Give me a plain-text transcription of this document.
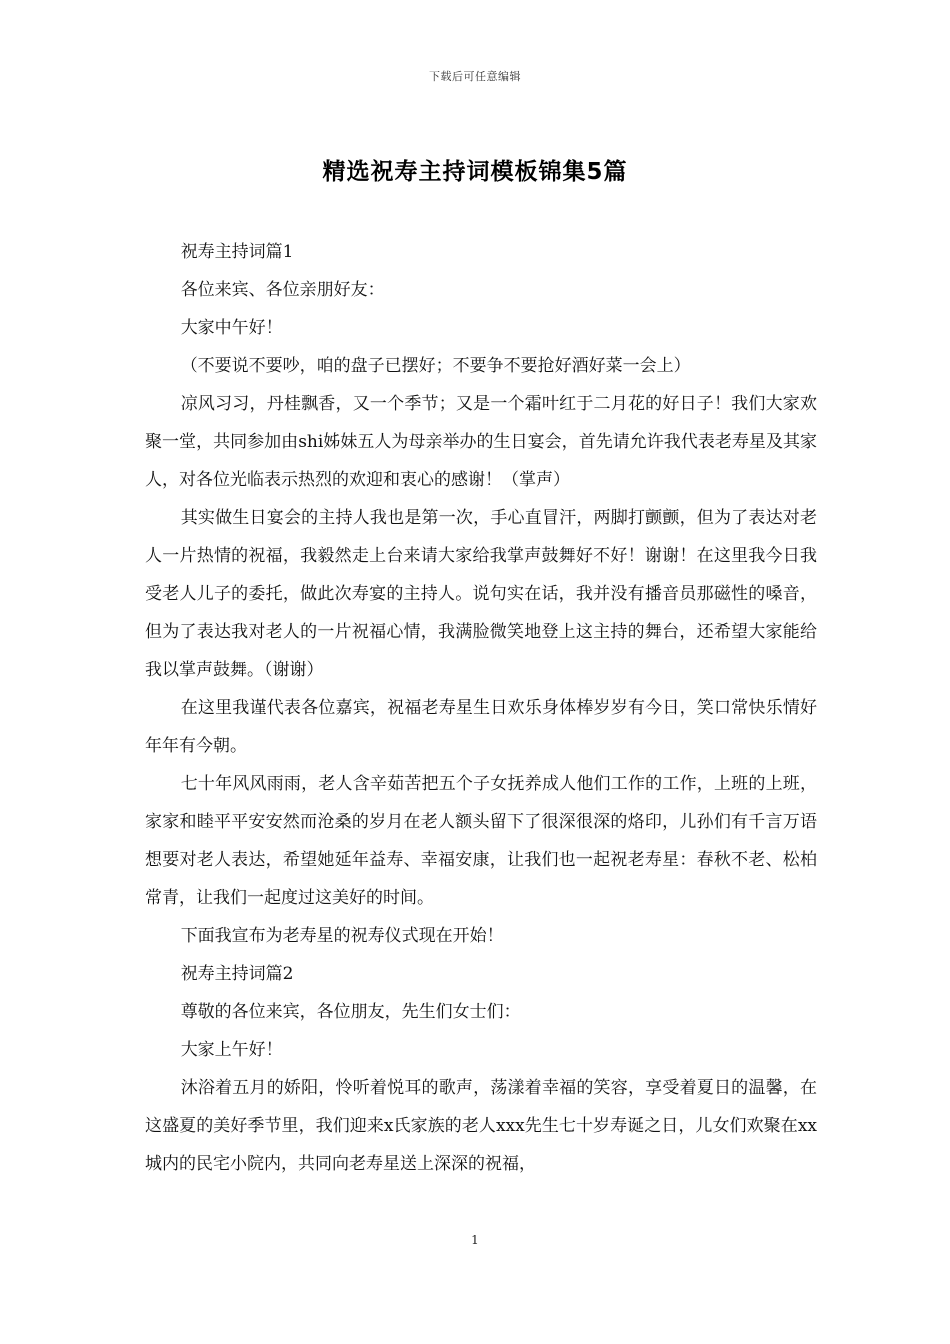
下载后可任意编辑
精选祝寿主持词模板锦集5篇

祝寿主持词篇1

各位来宾、各位亲朋好友：

大家中午好！

（不要说不要吵，咱的盘子已摆好；不要争不要抢好酒好菜一会上）

凉风习习，丹桂飘香，又一个季节；又是一个霜叶红于二月花的好日子！我们大家欢聚一堂，共同参加由shi姊妹五人为母亲举办的生日宴会，首先请允许我代表老寿星及其家人，对各位光临表示热烈的欢迎和衷心的感谢！（掌声）

其实做生日宴会的主持人我也是第一次，手心直冒汗，两脚打颤颤，但为了表达对老人一片热情的祝福，我毅然走上台来请大家给我掌声鼓舞好不好！谢谢！在这里我今日我受老人儿子的委托，做此次寿宴的主持人。说句实在话，我并没有播音员那磁性的嗓音，但为了表达我对老人的一片祝福心情，我满脸微笑地登上这主持的舞台，还希望大家能给我以掌声鼓舞。（谢谢）

在这里我谨代表各位嘉宾，祝福老寿星生日欢乐身体棒岁岁有今日，笑口常快乐情好年年有今朝。

七十年风风雨雨，老人含辛茹苦把五个子女抚养成人他们工作的工作，上班的上班，家家和睦平平安安然而沧桑的岁月在老人额头留下了很深很深的烙印，儿孙们有千言万语想要对老人表达，希望她延年益寿、幸福安康，让我们也一起祝老寿星：春秋不老、松柏常青，让我们一起度过这美好的时间。

下面我宣布为老寿星的祝寿仪式现在开始！

祝寿主持词篇2

尊敬的各位来宾，各位朋友，先生们女士们：

大家上午好！

沐浴着五月的娇阳，怜听着悦耳的歌声，荡漾着幸福的笑容，享受着夏日的温馨，在这盛夏的美好季节里，我们迎来x氏家族的老人xxx先生七十岁寿诞之日，儿女们欢聚在xx城内的民宅小院内，共同向老寿星送上深深的祝福，

1
